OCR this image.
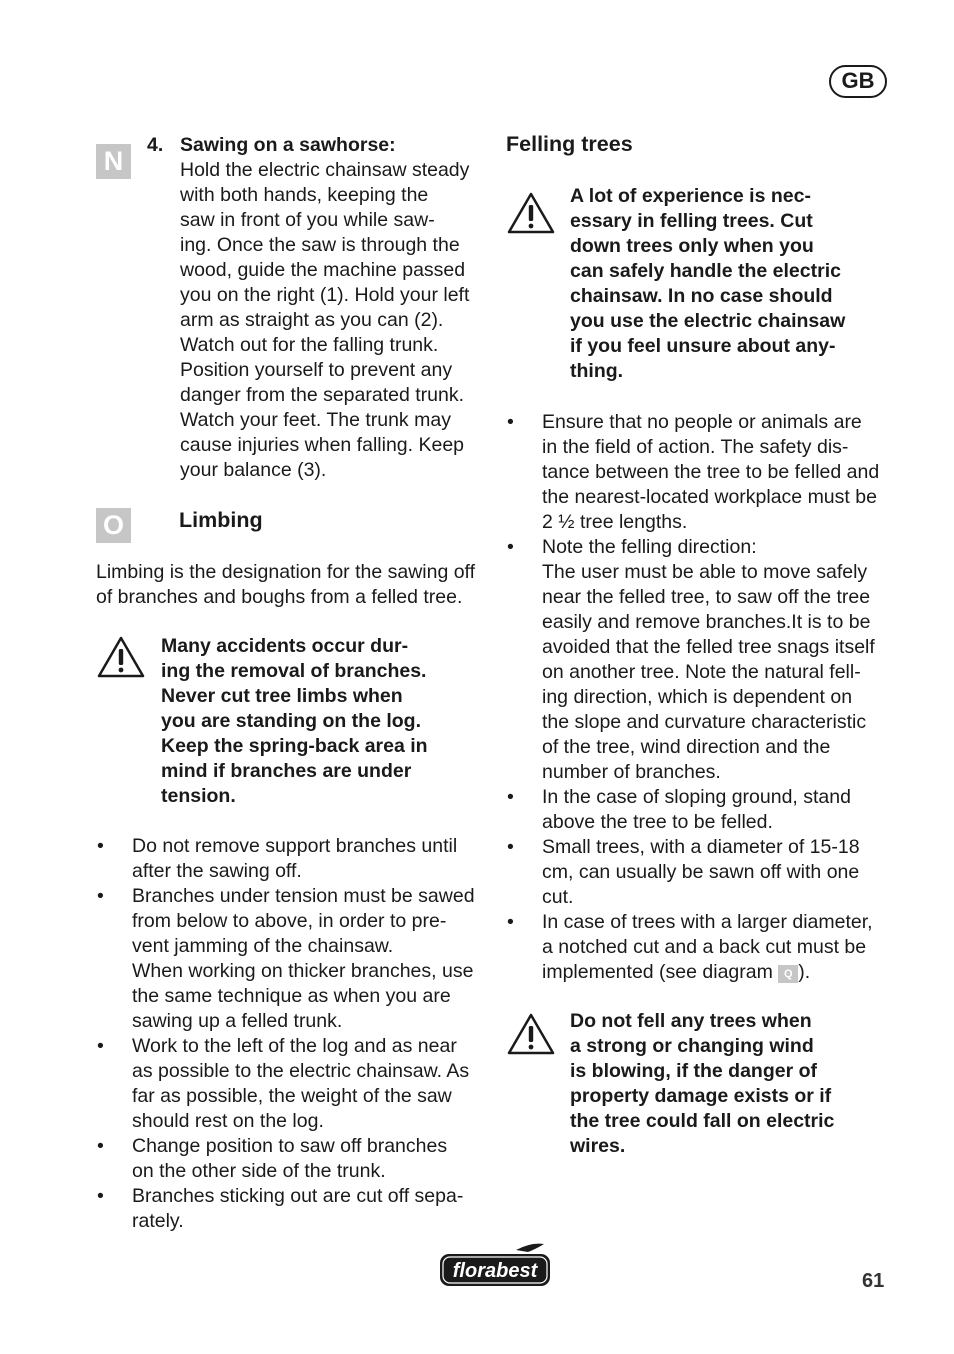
GB
N
4. Sawing on a sawhorse:
Hold the electric chainsaw steady
with both hands, keeping the
saw in front of you while saw-
ing. Once the saw is through the
wood, guide the machine passed
you on the right (1). Hold your left
arm as straight as you can (2).
Watch out for the falling trunk.
Position yourself to prevent any
danger from the separated trunk.
Watch your feet. The trunk may
cause injuries when falling. Keep
your balance (3).
O	Limbing
Limbing is the designation for the sawing off
of branches and boughs from a felled tree.
Many accidents occur dur-
ing the removal of branches.
Never cut tree limbs when
you are standing on the log.
Keep the spring-back area in
mind if branches are under
tension.
• Do not remove support branches until
after the sawing off.
• Branches under tension must be sawed
from below to above, in order to pre-
vent jamming of the chainsaw.
When working on thicker branches, use
the same technique as when you are
sawing up a felled trunk.
• Work to the left of the log and as near
as possible to the electric chainsaw. As
far as possible, the weight of the saw
should rest on the log.
• Change position to saw off branches
on the other side of the trunk.
• Branches sticking out are cut off sepa-
rately.
Felling trees
A lot of experience is nec-
essary in felling trees. Cut
down trees only when you
can safely handle the electric
chainsaw. In no case should
you use the electric chainsaw
if you feel unsure about any-
thing.
• Ensure that no people or animals are
in the field of action. The safety dis-
tance between the tree to be felled and
the nearest-located workplace must be
2 ½ tree lengths.
• Note the felling direction:
The user must be able to move safely
near the felled tree, to saw off the tree
easily and remove branches.It is to be
avoided that the felled tree snags itself
on another tree. Note the natural fell-
ing direction, which is dependent on
the slope and curvature characteristic
of the tree, wind direction and the
number of branches.
• In the case of sloping ground, stand
above the tree to be felled.
• Small trees, with a diameter of 15-18
cm, can usually be sawn off with one
cut.
• In case of trees with a larger diameter,
a notched cut and a back cut must be
implemented (see diagram Q ).
Do not fell any trees when
a strong or changing wind
is blowing, if the danger of
property damage exists or if
the tree could fall on electric
wires.
florabest	61
